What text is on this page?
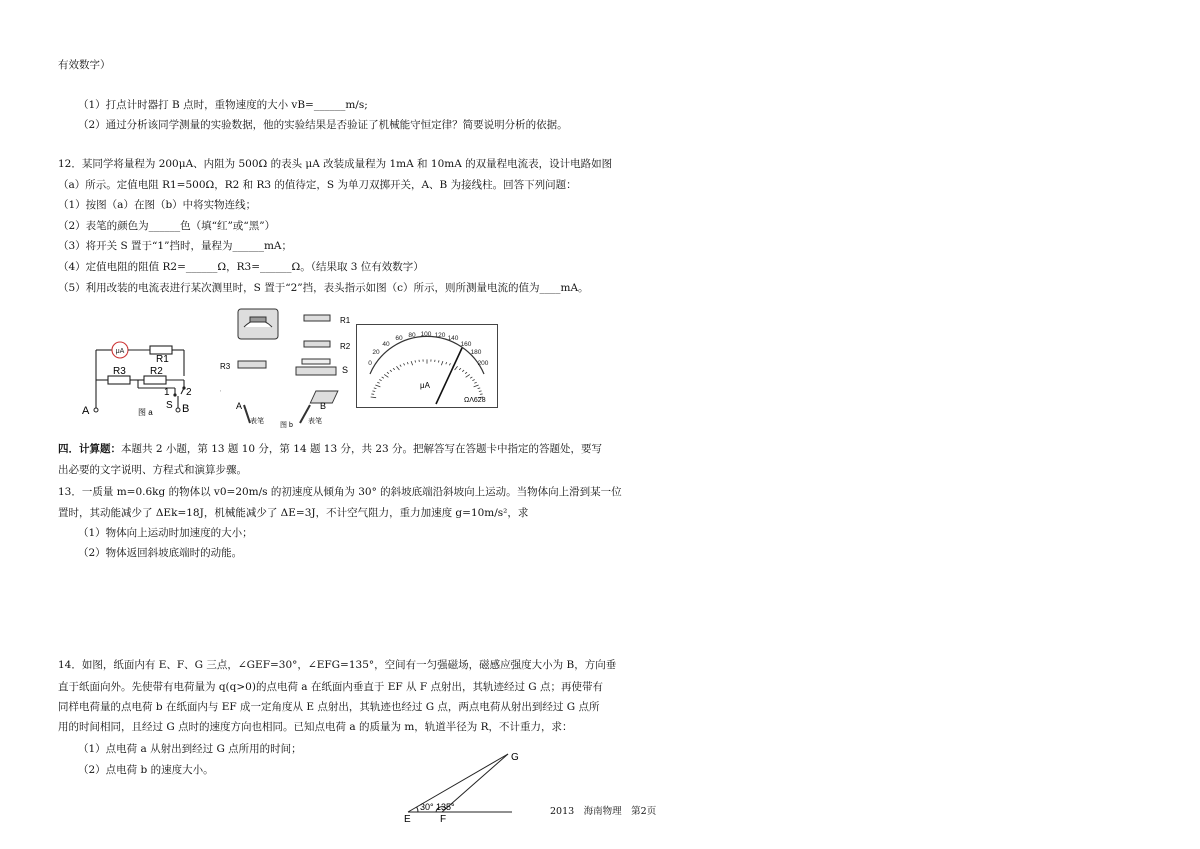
有效数字）
（1）打点计时器打 B 点时，重物速度的大小 vB=______m/s;
（2）通过分析该同学测量的实验数据，他的实验结果是否验证了机械能守恒定律？简要说明分析的依据。
12．某同学将量程为 200μA、内阻为 500Ω 的表头 μA 改装成量程为 1mA 和 10mA 的双量程电流表，设计电路如图
（a）所示。定值电阻 R1=500Ω，R2 和 R3 的值待定，S 为单刀双掷开关，A、B 为接线柱。回答下列问题：
（1）按图（a）在图（b）中将实物连线；
（2）表笔的颜色为______色（填“红”或“黑”）
（3）将开关 S 置于“1”挡时，量程为______mA；
（4）定值电阻的阻值 R2=______Ω，R3=______Ω。（结果取 3 位有效数字）
（5）利用改装的电流表进行某次测里时，S 置于“2”挡，表头指示如图（c）所示，则所测量电流的值为____mA。
μA
R1
R3 R2
1 2
S
A	B
图 a
R1
R2
R3	S
A	B
表笔	表笔
图 b
0
20
40
60 80 100 120 140
160
180
200
μA
ΩΛ628
四．计算题：本题共 2 小题，第 13 题 10 分，第 14 题 13 分，共 23 分。把解答写在答题卡中指定的答题处，要写
出必要的文字说明、方程式和演算步骤。
13．一质量 m=0.6kg 的物体以 v0=20m/s 的初速度从倾角为 30° 的斜坡底端沿斜坡向上运动。当物体向上滑到某一位
置时，其动能减少了 ΔEk=18J，机械能减少了 ΔE=3J，不计空气阻力，重力加速度 g=10m/s²，求
（1）物体向上运动时加速度的大小；
（2）物体返回斜坡底端时的动能。
14．如图，纸面内有 E、F、G 三点，∠GEF=30°，∠EFG=135°，空间有一匀强磁场，磁感应强度大小为 B，方向垂
直于纸面向外。先使带有电荷量为 q(q>0)的点电荷 a 在纸面内垂直于 EF 从 F 点射出，其轨迹经过 G 点；再使带有
同样电荷量的点电荷 b 在纸面内与 EF 成一定角度从 E 点射出，其轨迹也经过 G 点，两点电荷从射出到经过 G 点所
用的时间相同，且经过 G 点时的速度方向也相同。已知点电荷 a 的质量为 m，轨道半径为 R，不计重力，求：
（1）点电荷 a 从射出到经过 G 点所用的时间；
（2）点电荷 b 的速度大小。
30° 135°
E	F
G
2013　海南物理　第2页
